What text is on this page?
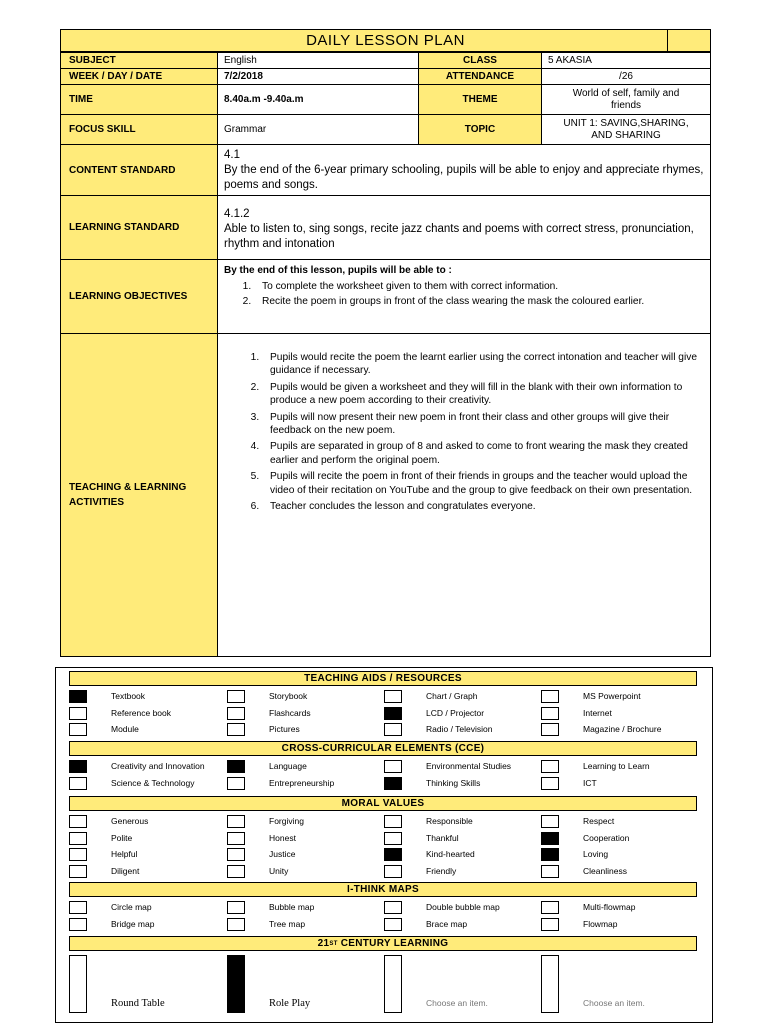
DAILY LESSON PLAN
SUBJECT	English	CLASS	5 AKASIA
WEEK / DAY / DATE	7/2/2018	ATTENDANCE	/26
TIME	8.40a.m -9.40a.m	THEME
World of self, family and friends
FOCUS SKILL	Grammar	TOPIC
UNIT 1: SAVING,SHARING, AND SHARING
CONTENT STANDARD
4.1
By the end of the 6-year primary schooling, pupils will be able to enjoy and appreciate rhymes, poems and songs.
LEARNING STANDARD
4.1.2
Able to listen to, sing songs, recite jazz chants and poems with correct stress, pronunciation, rhythm and intonation
LEARNING OBJECTIVES
By the end of this lesson, pupils will be able to :
1. To complete the worksheet given to them with correct information.
2. Recite the poem in groups in front of the class wearing the mask the coloured earlier.
TEACHING & LEARNING ACTIVITIES
1. Pupils would recite the poem the learnt earlier using the correct intonation and teacher will give guidance if necessary.
2. Pupils would be given a worksheet and they will fill in the blank with their own information to produce a new poem according to their creativity.
3. Pupils will now present their new poem in front their class and other groups will give their feedback on the new poem.
4. Pupils are separated in group of 8 and asked to come to front wearing the mask they created earlier and perform the original poem.
5. Pupils will recite the poem in front of their friends in groups and the teacher would upload the video of their recitation on YouTube and the group to give feedback on their own presentation.
6. Teacher concludes the lesson and congratulates everyone.
TEACHING AIDS / RESOURCES
CROSS-CURRICULAR ELEMENTS (CCE)
MORAL VALUES
I-THINK MAPS
21 ST CENTURY LEARNING
Textbook	Storybook	Chart / Graph	MS Powerpoint
Reference book	Flashcards	LCD / Projector	Internet
Module	Pictures	Radio / Television	Magazine / Brochure
Creativity and Innovation	Language	Environmental Studies	Learning to Learn
Science & Technology	Entrepreneurship	Thinking Skills	ICT
Generous	Forgiving	Responsible	Respect
Polite	Honest	Thankful	Cooperation
Helpful	Justice	Kind-hearted	Loving
Diligent	Unity	Friendly	Cleanliness
Circle map	Bubble map	Double bubble map	Multi-flowmap
Bridge map	Tree map	Brace map	Flowmap
Round Table	Role Play	Choose an item.	Choose an item.
